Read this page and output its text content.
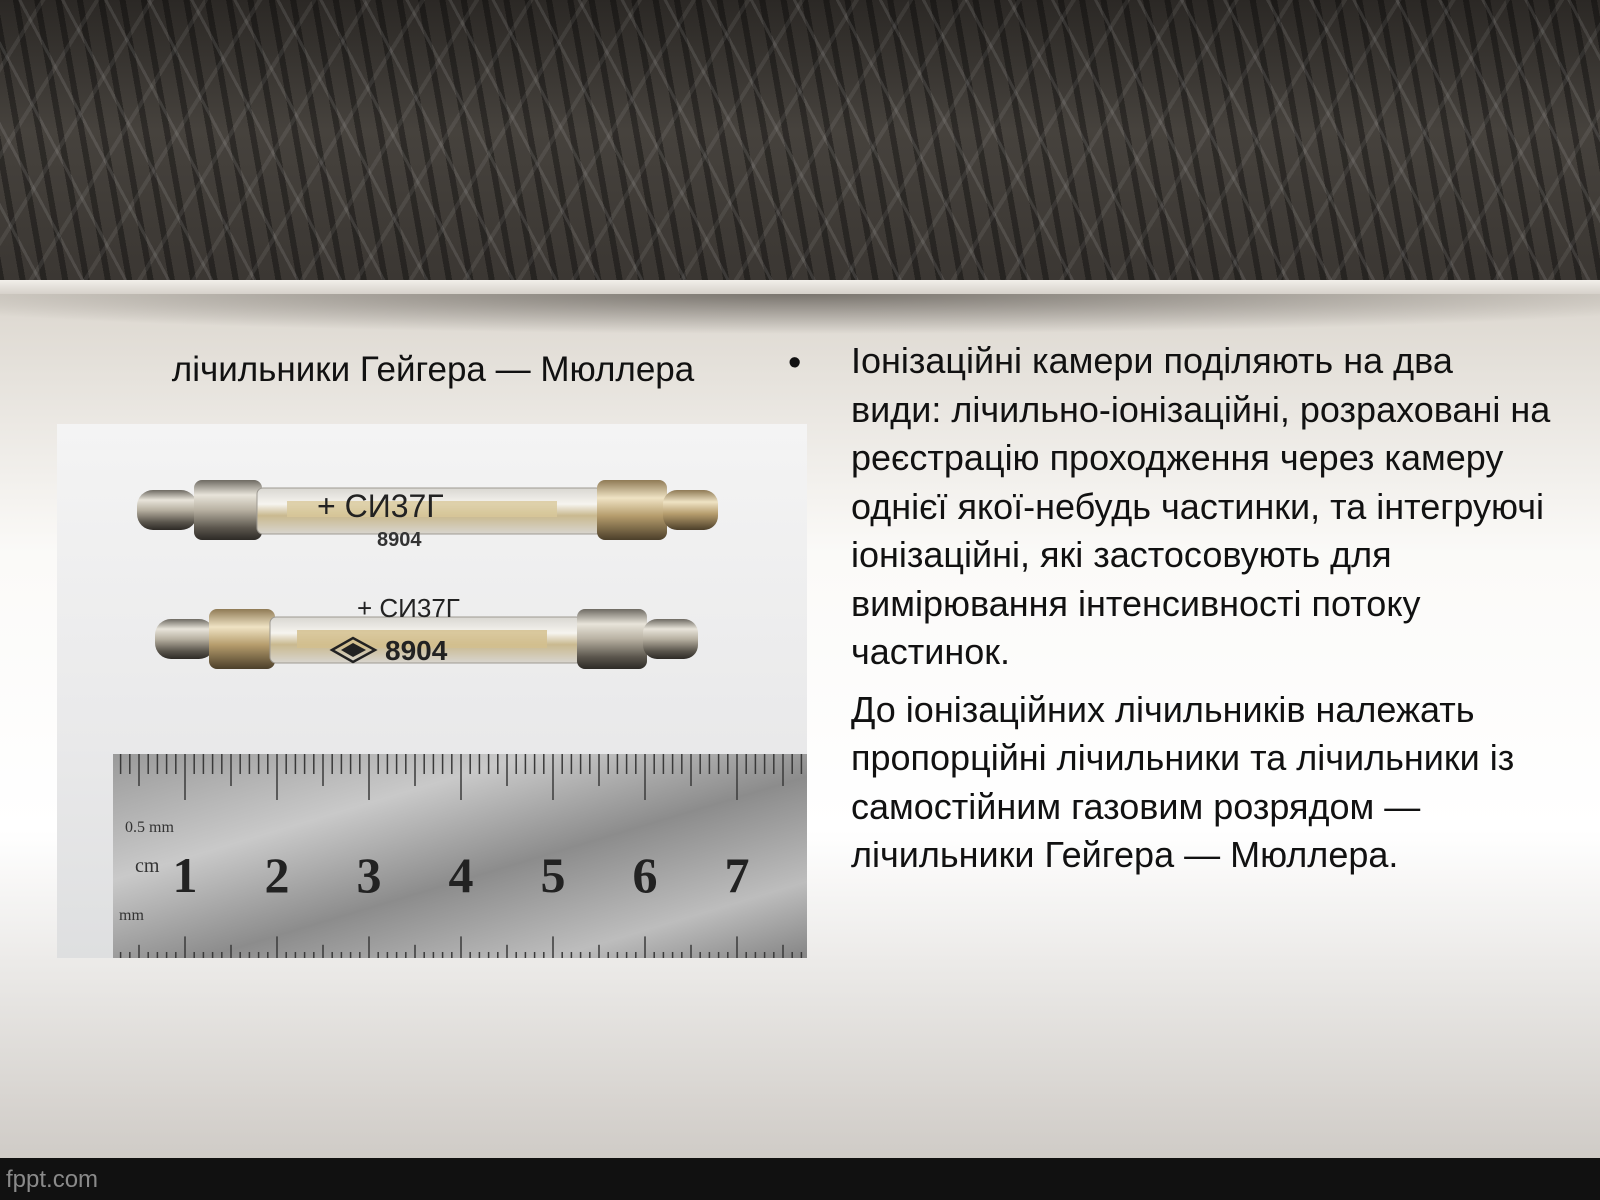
лічильники Гейгера — Мюллера
+ СИ37Г
8904
+ СИ37Г
8904
0.5 mm
cm
mm
1 2 3 4 5 6 7
• Іонізаційні камери поділяють на два види: лічильно-іонізаційні, розраховані на реєстрацію проходження через камеру однієї якої-небудь частинки, та інтегруючі іонізаційні, які застосовують для вимірювання інтенсивності потоку частинок.

До іонізаційних лічильників належать пропорційні лічильники та лічильники із самостійним газовим розрядом — лічильники Гейгера — Мюллера.

fppt.com
